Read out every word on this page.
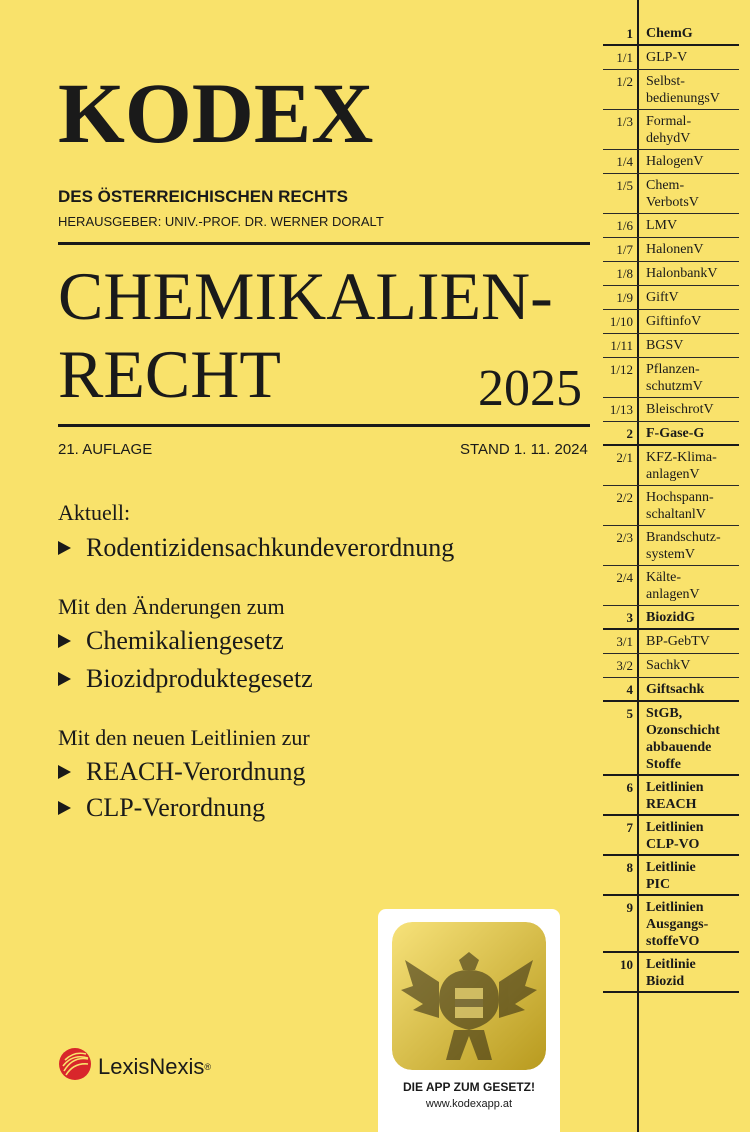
KODEX
DES ÖSTERREICHISCHEN RECHTS
HERAUSGEBER: UNIV.-PROF. DR. WERNER DORALT
CHEMIKALIEN-
RECHT	2025
21. AUFLAGE	STAND 1. 11. 2024
Aktuell:
Rodentizidensachkundeverordnung
Mit den Änderungen zum
Chemikaliengesetz
Biozidproduktegesetz
Mit den neuen Leitlinien zur
REACH-Verordnung
CLP-Verordnung
1 ChemG
1/1 GLP-V
1/2 Selbst-
bedienungsV
1/3 Formal-
dehydV
1/4 HalogenV
1/5 Chem-
VerbotsV
1/6 LMV
1/7 HalonenV
1/8 HalonbankV
1/9 GiftV
1/10 GiftinfoV
1/11 BGSV
1/12 Pflanzen-
schutzmV
1/13 BleischrotV
2 F-Gase-G
2/1 KFZ-Klima-
anlagenV
2/2 Hochspann-
schaltanlV
2/3 Brandschutz-
systemV
2/4 Kälte-
anlagenV
3 BiozidG
3/1 BP-GebTV
3/2 SachkV
4 Giftsachk
5 StGB,
Ozonschicht
abbauende
Stoffe
6 Leitlinien
REACH
7 Leitlinien
CLP-VO
8 Leitlinie
PIC
9 Leitlinien
Ausgangs-
stoffeVO
10 Leitlinie
Biozid
DIE APP ZUM GESETZ!
www.kodexapp.at
LexisNexis ®
